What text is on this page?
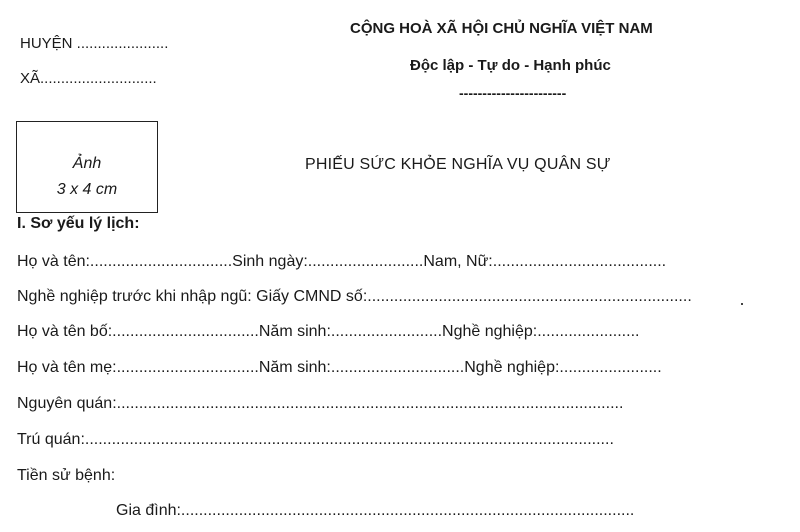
HUYỆN ......................
XÃ............................
CỘNG HOÀ XÃ HỘI CHỦ NGHĨA VIỆT NAM
Độc lập - Tự do - Hạnh phúc
-----------------------
Ảnh
3 x 4 cm
PHIẾU SỨC KHỎE NGHĨA VỤ QUÂN SỰ
I. Sơ yếu lý lịch:
Họ và tên:................................Sinh ngày:..........................Nam, Nữ:.......................................
Nghề nghiệp trước khi nhập ngũ: Giấy CMND số:.........................................................................
Họ và tên bố:.................................Năm sinh:.........................Nghề nghiệp:.......................
Họ và tên mẹ:................................Năm sinh:..............................Nghề nghiệp:.......................
Nguyên quán:..................................................................................................................
Trú quán:.......................................................................................................................
Tiền sử bệnh:
Gia đình:......................................................................................................
